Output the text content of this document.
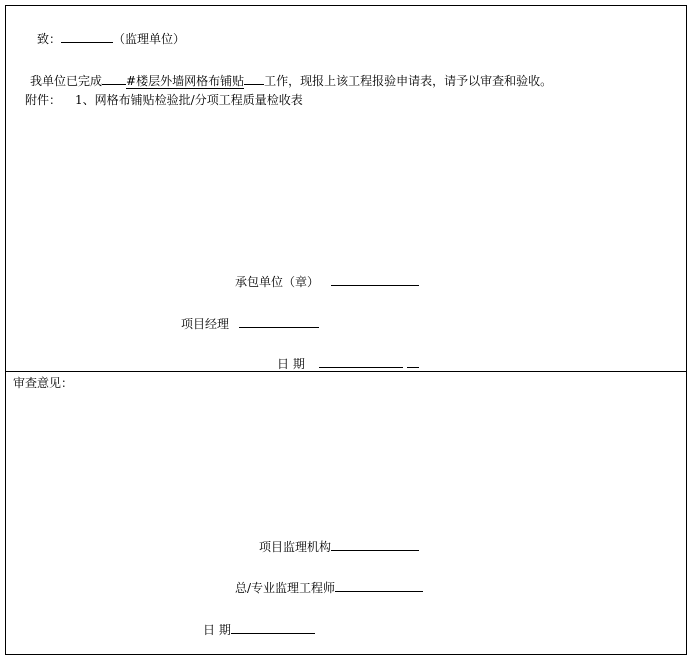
致：	（监理单位）
我单位已完成 #楼层外墙网格布铺贴 工作，现报上该工程报验申请表，请予以审查和验收。
附件： 1、网格布铺贴检验批/分项工程质量检收表
承包单位（章）
项目经理
日 期
审查意见：
项目监理机构
总/专业监理工程师
日 期
